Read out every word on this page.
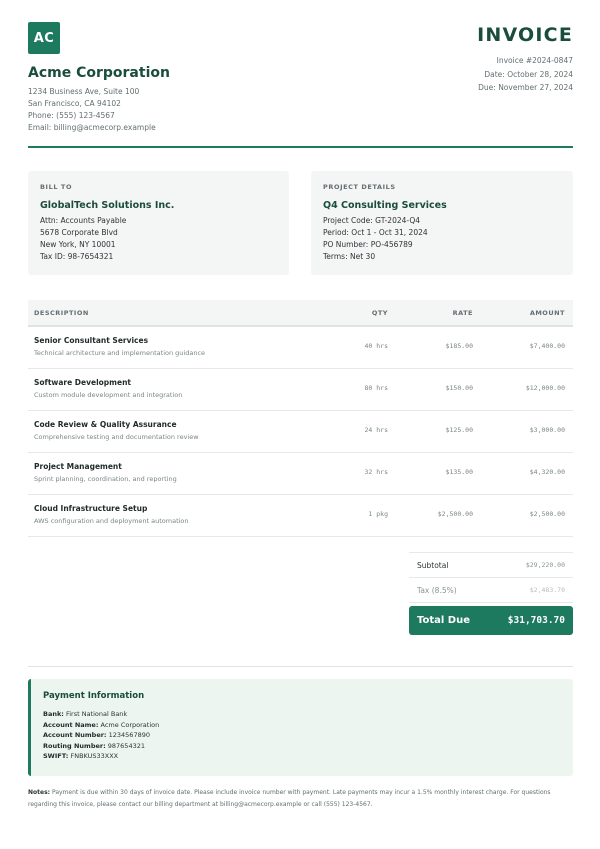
AC
Acme Corporation
1234 Business Ave, Suite 100
San Francisco, CA 94102
Phone: (555) 123-4567
Email: billing@acmecorp.example
INVOICE
Invoice #2024-0847
Date: October 28, 2024
Due: November 27, 2024
BILL TO
GlobalTech Solutions Inc.
Attn: Accounts Payable
5678 Corporate Blvd
New York, NY 10001
Tax ID: 98-7654321
PROJECT DETAILS
Q4 Consulting Services
Project Code: GT-2024-Q4
Period: Oct 1 - Oct 31, 2024
PO Number: PO-456789
Terms: Net 30
DESCRIPTION	QTY	RATE	AMOUNT
Senior Consultant Services
Technical architecture and implementation guidance
40 hrs	$185.00	$7,400.00
Software Development
Custom module development and integration
80 hrs	$150.00	$12,000.00
Code Review & Quality Assurance
Comprehensive testing and documentation review
24 hrs	$125.00	$3,000.00
Project Management
Sprint planning, coordination, and reporting
32 hrs	$135.00	$4,320.00
Cloud Infrastructure Setup
AWS configuration and deployment automation
1 pkg	$2,500.00	$2,500.00
Subtotal	$29,220.00
Tax (8.5%)	$2,483.70
Total Due	$31,703.70
Payment Information
Bank: First National Bank
Account Name: Acme Corporation
Account Number: 1234567890
Routing Number: 987654321
SWIFT: FNBKUS33XXX
Notes: Payment is due within 30 days of invoice date. Please include invoice number with payment. Late payments may incur a 1.5% monthly interest charge. For questions regarding this invoice, please contact our billing department at billing@acmecorp.example or call (555) 123-4567.
